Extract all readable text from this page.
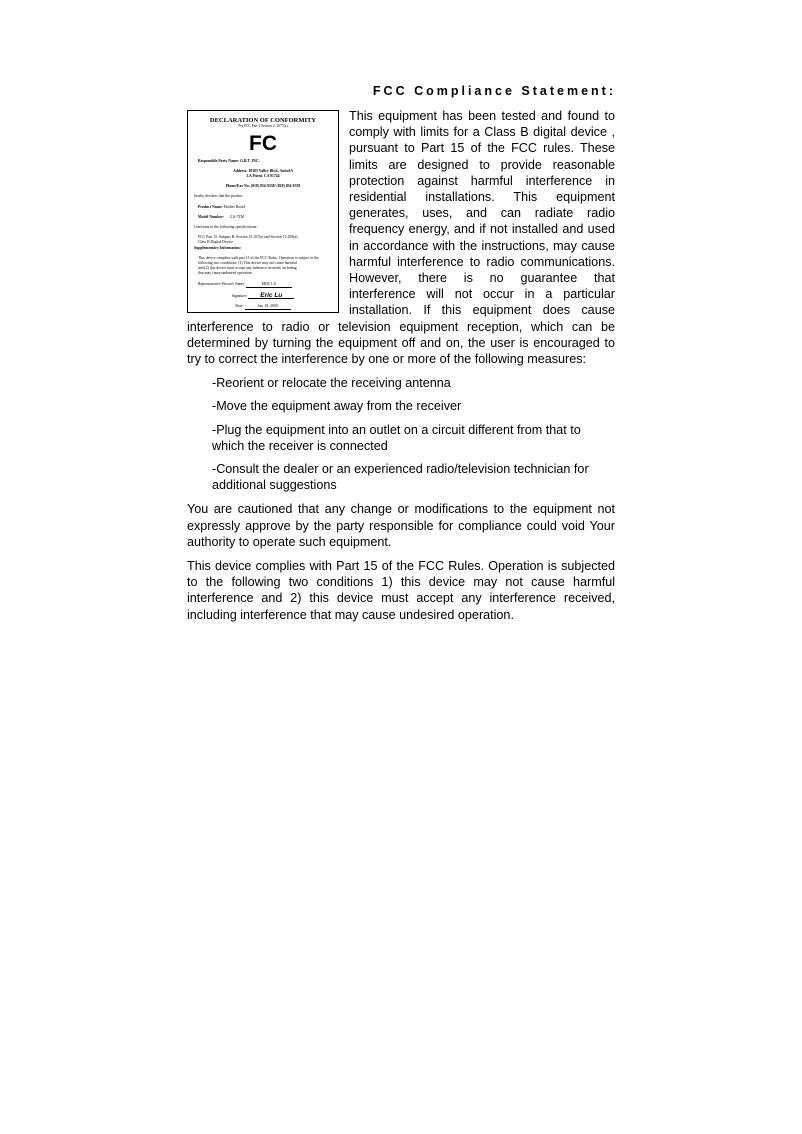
FCC Compliance Statement:
DECLARATION OF CONFORMITY
Per FCC Part 2 Section 2. 1077(a)
FC
Responsible Party Name: G.B.T. INC.
Address: 18305 Valley Blvd., Suite#A
LA Puent, CA 91744
Phone/Fax No: (818) 854-9338/ (818) 854-9339
hereby declares that the product
Product Name: Mother Board
Model Number: GA-7ZM
Conforms to the following specifications:
FCC Part 15, Subpart B, Section 15.107(a) and Section 15.109(a),
Class B Digital Device
Supplementary Information:
This device complies with part 15 of the FCC Rules. Operation is subject to the
following two conditions: (1) This device may not cause harmful
and (2) this device must accept any inference received, including
that may cause undesired operation.
Representative Person's Name:	ERIC LU
Signature: Eric Lu
Date:	Jan. 18, 2000

This equipment has been tested and found to comply with limits for a Class B digital device , pursuant to Part 15 of the FCC rules. These limits are designed to provide reasonable protection against harmful interference in residential installations. This equipment generates, uses, and can radiate radio frequency energy, and if not installed and used in accordance with the instructions, may cause harmful interference to radio communications. However, there is no guarantee that interference will not occur in a particular installation. If this equipment does cause interference to radio or television equipment reception, which can be determined by turning the equipment off and on, the user is encouraged to try to correct the interference by one or more of the following measures:

-Reorient or relocate the receiving antenna

-Move the equipment away from the receiver

-Plug the equipment into an outlet on a circuit different from that to which the receiver is connected

-Consult the dealer or an experienced radio/television technician for additional suggestions

You are cautioned that any change or modifications to the equipment not expressly approve by the party responsible for compliance could void Your authority to operate such equipment.

This device complies with Part 15 of the FCC Rules. Operation is subjected to the following two conditions 1) this device may not cause harmful interference and 2) this device must accept any interference received, including interference that may cause undesired operation.
